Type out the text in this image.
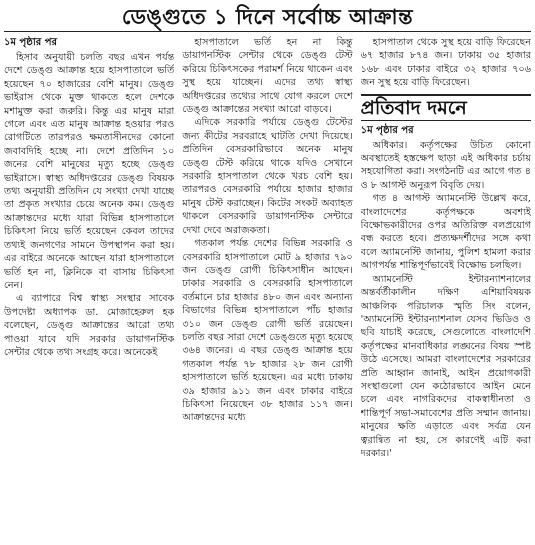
ডেঙ্গুতে ১ দিনে সর্বোচ্চ আক্রান্ত
১ম পৃষ্ঠার পর

হিসাব অনুযায়ী চলতি বছর এখন পর্যন্ত দেশে ডেঙ্গু আক্রান্ত হয়ে হাসপাতালে ভর্তি হয়েছেন ৭০ হাজারের বেশি মানুষ। ডেঙ্গু ভাইরাস থেকে মুক্ত থাকতে হলে দেশকে মশামুক্ত করা জরুরি। কিন্তু এর মানুষ মারা গেলে এবং এত মানুষ আক্রান্ত হওয়ার পরও রোগটিতে তারপরও ক্ষমতাসীনদের কোনো জবাবদিহি হচ্ছে না। দেশে প্রতিদিন ১০ জনের বেশি মানুষের মৃত্যু হচ্ছে ডেঙ্গু ভাইরাসে। স্বাস্থ্য অধিদপ্তরের ডেঙ্গু বিষয়ক তথ্য অনুযায়ী প্রতিদিন যে সংখ্যা দেখা যাচ্ছে তা প্রকৃত সংখ্যার চেয়ে অনেক কম। ডেঙ্গু আক্রান্তদের মধ্যে যারা বিভিন্ন হাসপাতালে চিকিৎসা নিয়ে ভর্তি হয়েছেন কেবল তাদের তথ্যই জনগণের সামনে উপস্থাপন করা হয়। এর বাইরে অনেকে আছেন যারা হাসপাতালে ভর্তি হন না, ক্লিনিকে বা বাসায় চিকিৎসা নেন।

এ ব্যাপারে বিশ্ব স্বাস্থ্য সংস্থার সাবেক উপদেষ্টা অধ্যাপক ডা. মোজাহেরুল হক বলেছেন, ডেঙ্গু আক্রান্তের আরো তথ্য পাওয়া যাবে যদি সরকার ডায়াগনস্টিক সেন্টার থেকে তথ্য সংগ্রহ করে। অনেকেই

হাসপাতালে ভর্তি হন না কিন্তু ডায়াগনস্টিক সেন্টার থেকে ডেঙ্গু টেস্ট করিয়ে চিকিৎসকের পরামর্শ নিয়ে থাকেন এবং সুস্থ হয়ে যাচ্ছেন। এদের তথ্য স্বাস্থ্য অধিদপ্তরের তথ্যের সাথে যোগ করলে দেশে ডেঙ্গু আক্রান্তের সংখ্যা আরো বাড়বে।

এদিকে সরকারি পর্যায়ে ডেঙ্গু টেস্টের জন্য কীটের সরবরাহে ঘাটতি দেখা দিয়েছে। প্রতিদিন বেসরকারিভাবে অনেক মানুষ ডেঙ্গু টেস্ট করিয়ে থাকে যদিও সেখানে সরকারি হাসপাতাল থেকে খরচ বেশি হয়। তারপরও বেসরকারি পর্যায়ে হাজার হাজার মানুষ টেস্ট করাচ্ছেন। কিটের সংকট অব্যাহত থাকলে বেসরকারি ডায়াগনস্টিক সেন্টারে দেখা দেবে অরাজকতা।

গতকাল পর্যন্ত দেশের বিভিন্ন সরকারি ও বেসরকারি হাসপাতালে মোট ৯ হাজার ৭৯০ জন ডেঙ্গু রোগী চিকিৎসাধীন আছেন। ঢাকার সরকারি ও বেসরকারি হাসপাতালে বর্তমানে চার হাজার ৪৮০ জন এবং অন্যান্য বিভাগের বিভিন্ন হাসপাতালে পাঁচ হাজার ৩১০ জন ডেঙ্গু রোগী ভর্তি রয়েছেন। চলতি বছর সারা দেশে ডেঙ্গুতে মৃত্যু হয়েছে ৩৬৪ জনের। এ বছর ডেঙ্গু আক্রান্ত হয়ে গতকাল পর্যন্ত ৭৮ হাজার ২৮ জন রোগী হাসপাতালে ভর্তি হয়েছেন। এর মধ্যে ঢাকায় ৩৯ হাজার ৯১১ জন এবং ঢাকার বাইরে চিকিৎসা নিয়েছেন ৩৮ হাজার ১১৭ জন। আক্রান্তদের মধ্যে

হাসপাতাল থেকে সুস্থ হয়ে বাড়ি ফিরেছেন ৬৭ হাজার ৮৭৪ জন। ঢাকায় ৩৫ হাজার ১৬৮ এবং ঢাকার বাইরে ৩২ হাজার ৭০৬ জন সুস্থ হয়ে বাড়ি ফিরেছেন।

প্রতিবাদ দমনে
১ম পৃষ্ঠার পর

অধিকার। কর্তৃপক্ষের উচিত কোনো অবস্থাতেই হস্তক্ষেপ ছাড়া এই অধিকার চর্চায় সহযোগিতা করা। সংগঠনটি এর আগে গত ৪ ও ৮ আগস্ট অনুরূপ বিবৃতি দেয়।

গত ৪ আগস্ট অ্যামনেস্টি উল্লেখ করে, বাংলাদেশের কর্তৃপক্ষকে অবশ্যই বিক্ষোভকারীদের ওপর অতিরিক্ত বলপ্রয়োগ বন্ধ করতে হবে। প্রত্যক্ষদর্শীদের সঙ্গে কথা বলে অ্যামনেস্টি জানায়, পুলিশ হামলা করার আগপর্যন্ত শান্তিপূর্ণভাবেই বিক্ষোভ চলছিল।

অ্যামনেস্টি ইন্টারন্যাশনালের অন্তর্বর্তীকালীন দক্ষিণ এশিয়াবিষয়ক আঞ্চলিক পরিচালক স্মৃতি সিং বলেন, 'অ্যামনেস্টি ইন্টারন্যাশনাল যেসব ভিডিও ও ছবি যাচাই করেছে, সেগুলোতে বাংলাদেশি কর্তৃপক্ষের মানবাধিকার লঙ্ঘনের বিষয় স্পষ্ট উঠে এসেছে। আমরা বাংলাদেশের সরকারের প্রতি আহ্বান জানাই, আইন প্রয়োগকারী সংস্থাগুলো যেন কঠোরভাবে আইন মেনে চলে এবং নাগরিকদের বাকস্বাধীনতা ও শান্তিপূর্ণ সভা-সমাবেশের প্রতি সম্মান জানায়। মানুষের ক্ষতি এড়াতে এবং সর্বত্র যেন ত্বরান্বিত না হয়, সে কারণেই এটি করা দরকার।'
